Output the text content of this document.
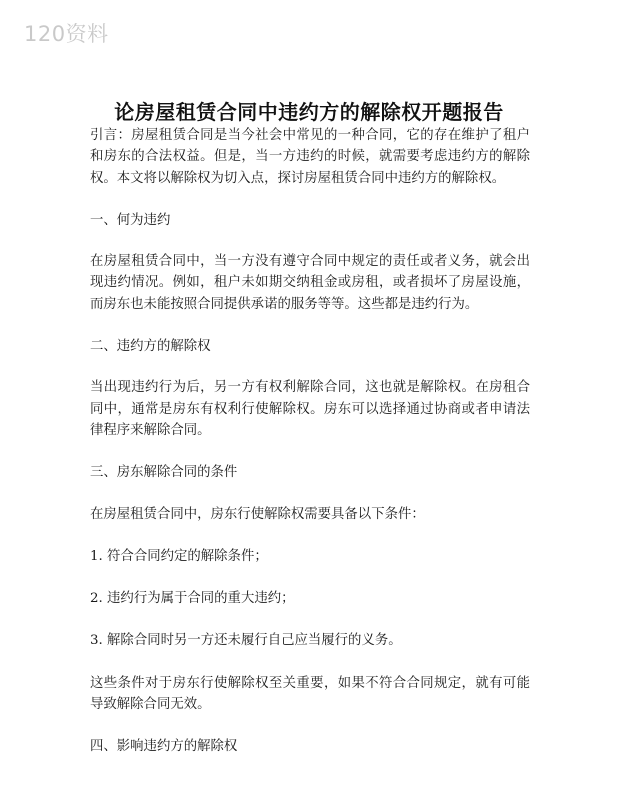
120资料
论房屋租赁合同中违约方的解除权开题报告

引言：房屋租赁合同是当今社会中常见的一种合同，它的存在维护了租户和房东的合法权益。但是，当一方违约的时候，就需要考虑违约方的解除权。本文将以解除权为切入点，探讨房屋租赁合同中违约方的解除权。

一、何为违约

在房屋租赁合同中，当一方没有遵守合同中规定的责任或者义务，就会出现违约情况。例如，租户未如期交纳租金或房租，或者损坏了房屋设施，而房东也未能按照合同提供承诺的服务等等。这些都是违约行为。

二、违约方的解除权

当出现违约行为后，另一方有权利解除合同，这也就是解除权。在房租合同中，通常是房东有权利行使解除权。房东可以选择通过协商或者申请法律程序来解除合同。

三、房东解除合同的条件

在房屋租赁合同中，房东行使解除权需要具备以下条件：

1. 符合合同约定的解除条件；

2. 违约行为属于合同的重大违约；

3. 解除合同时另一方还未履行自己应当履行的义务。

这些条件对于房东行使解除权至关重要，如果不符合合同规定，就有可能导致解除合同无效。

四、影响违约方的解除权
